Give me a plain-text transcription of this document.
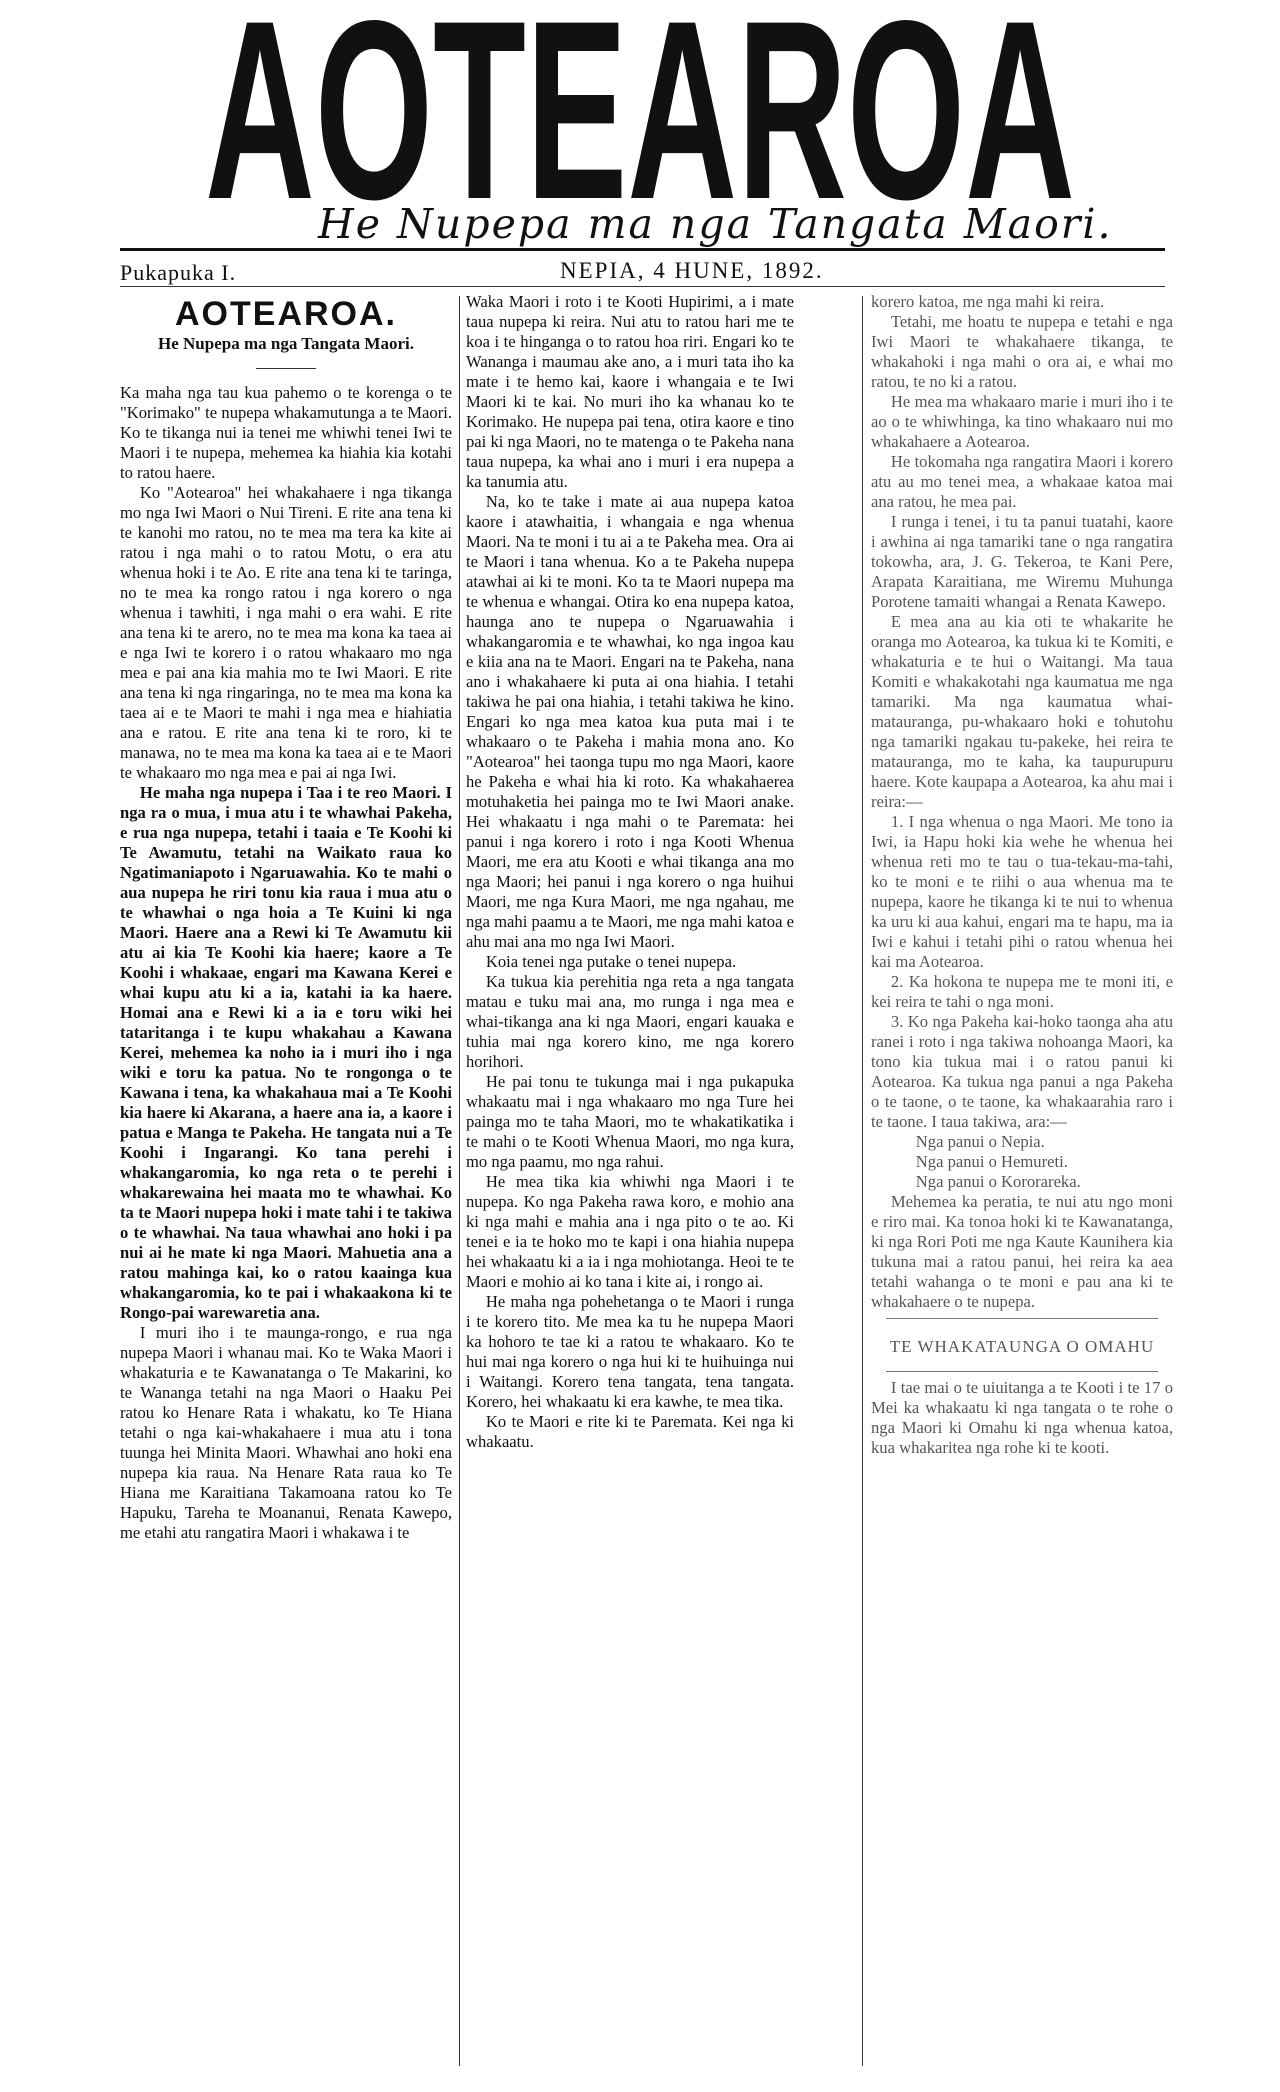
AOTEAROA
He Nupepa ma nga Tangata Maori.
Pukapuka I.	NEPIA, 4 HUNE, 1892.
AOTEAROA.
He Nupepa ma nga Tangata Maori.

Ka maha nga tau kua pahemo o te korenga o te "Korimako" te nupepa whakamutunga a te Maori. Ko te tikanga nui ia tenei me whiwhi tenei Iwi te Maori i te nupepa, mehemea ka hiahia kia kotahi to ratou haere.

Ko "Aotearoa" hei whakahaere i nga tikanga mo nga Iwi Maori o Nui Tireni. E rite ana tena ki te kanohi mo ratou, no te mea ma tera ka kite ai ratou i nga mahi o to ratou Motu, o era atu whenua hoki i te Ao. E rite ana tena ki te taringa, no te mea ka rongo ratou i nga korero o nga whenua i tawhiti, i nga mahi o era wahi. E rite ana tena ki te arero, no te mea ma kona ka taea ai e nga Iwi te korero i o ratou whakaaro mo nga mea e pai ana kia mahia mo te Iwi Maori. E rite ana tena ki nga ringaringa, no te mea ma kona ka taea ai e te Maori te mahi i nga mea e hiahiatia ana e ratou. E rite ana tena ki te roro, ki te manawa, no te mea ma kona ka taea ai e te Maori te whakaaro mo nga mea e pai ai nga Iwi.

He maha nga nupepa i Taa i te reo Maori. I nga ra o mua, i mua atu i te whawhai Pakeha, e rua nga nupepa, tetahi i taaia e Te Koohi ki Te Awamutu, tetahi na Waikato raua ko Ngatimaniapoto i Ngaruawahia. Ko te mahi o aua nupepa he riri tonu kia raua i mua atu o te whawhai o nga hoia a Te Kuini ki nga Maori. Haere ana a Rewi ki Te Awamutu kii atu ai kia Te Koohi kia haere; kaore a Te Koohi i whakaae, engari ma Kawana Kerei e whai kupu atu ki a ia, katahi ia ka haere. Homai ana e Rewi ki a ia e toru wiki hei tataritanga i te kupu whakahau a Kawana Kerei, mehemea ka noho ia i muri iho i nga wiki e toru ka patua. No te rongonga o te Kawana i tena, ka whakahaua mai a Te Koohi kia haere ki Akarana, a haere ana ia, a kaore i patua e Manga te Pakeha. He tangata nui a Te Koohi i Ingarangi. Ko tana perehi i whakangaromia, ko nga reta o te perehi i whakarewaina hei maata mo te whawhai. Ko ta te Maori nupepa hoki i mate tahi i te takiwa o te whawhai. Na taua whawhai ano hoki i pa nui ai he mate ki nga Maori. Mahuetia ana a ratou mahinga kai, ko o ratou kaainga kua whakangaromia, ko te pai i whakaakona ki te Rongo-pai warewaretia ana.

I muri iho i te maunga-rongo, e rua nga nupepa Maori i whanau mai. Ko te Waka Maori i whakaturia e te Kawanatanga o Te Makarini, ko te Wananga tetahi na nga Maori o Haaku Pei ratou ko Henare Rata i whakatu, ko Te Hiana tetahi o nga kai-whakahaere i mua atu i tona tuunga hei Minita Maori. Whawhai ano hoki ena nupepa kia raua. Na Henare Rata raua ko Te Hiana me Karaitiana Takamoana ratou ko Te Hapuku, Tareha te Moananui, Renata Kawepo, me etahi atu rangatira Maori i whakawa i te

Waka Maori i roto i te Kooti Hupirimi, a i mate taua nupepa ki reira. Nui atu to ratou hari me te koa i te hinganga o to ratou hoa riri. Engari ko te Wananga i maumau ake ano, a i muri tata iho ka mate i te hemo kai, kaore i whangaia e te Iwi Maori ki te kai. No muri iho ka whanau ko te Korimako. He nupepa pai tena, otira kaore e tino pai ki nga Maori, no te matenga o te Pakeha nana taua nupepa, ka whai ano i muri i era nupepa a ka tanumia atu.

Na, ko te take i mate ai aua nupepa katoa kaore i atawhaitia, i whangaia e nga whenua Maori. Na te moni i tu ai a te Pakeha mea. Ora ai te Maori i tana whenua. Ko a te Pakeha nupepa atawhai ai ki te moni. Ko ta te Maori nupepa ma te whenua e whangai. Otira ko ena nupepa katoa, haunga ano te nupepa o Ngaruawahia i whakangaromia e te whawhai, ko nga ingoa kau e kiia ana na te Maori. Engari na te Pakeha, nana ano i whakahaere ki puta ai ona hiahia. I tetahi takiwa he pai ona hiahia, i tetahi takiwa he kino. Engari ko nga mea katoa kua puta mai i te whakaaro o te Pakeha i mahia mona ano. Ko "Aotearoa" hei taonga tupu mo nga Maori, kaore he Pakeha e whai hia ki roto. Ka whakahaerea motuhaketia hei painga mo te Iwi Maori anake. Hei whakaatu i nga mahi o te Paremata: hei panui i nga korero i roto i nga Kooti Whenua Maori, me era atu Kooti e whai tikanga ana mo nga Maori; hei panui i nga korero o nga huihui Maori, me nga Kura Maori, me nga ngahau, me nga mahi paamu a te Maori, me nga mahi katoa e ahu mai ana mo nga Iwi Maori.

Koia tenei nga putake o tenei nupepa.

Ka tukua kia perehitia nga reta a nga tangata matau e tuku mai ana, mo runga i nga mea e whai-tikanga ana ki nga Maori, engari kauaka e tuhia mai nga korero kino, me nga korero horihori.

He pai tonu te tukunga mai i nga pukapuka whakaatu mai i nga whakaaro mo nga Ture hei painga mo te taha Maori, mo te whakatikatika i te mahi o te Kooti Whenua Maori, mo nga kura, mo nga paamu, mo nga rahui.

He mea tika kia whiwhi nga Maori i te nupepa. Ko nga Pakeha rawa koro, e mohio ana ki nga mahi e mahia ana i nga pito o te ao. Ki tenei e ia te hoko mo te kapi i ona hiahia nupepa hei whakaatu ki a ia i nga mohiotanga. Heoi te te Maori e mohio ai ko tana i kite ai, i rongo ai.

He maha nga pohehetanga o te Maori i runga i te korero tito. Me mea ka tu he nupepa Maori ka hohoro te tae ki a ratou te whakaaro. Ko te hui mai nga korero o nga hui ki te huihuinga nui i Waitangi. Korero tena tangata, tena tangata. Korero, hei whakaatu ki era kawhe, te mea tika.

Ko te Maori e rite ki te Paremata. Kei nga ki whakaatu.

korero katoa, me nga mahi ki reira.

Tetahi, me hoatu te nupepa e tetahi e nga Iwi Maori te whakahaere tikanga, te whakahoki i nga mahi o ora ai, e whai mo ratou, te no ki a ratou.

He mea ma whakaaro marie i muri iho i te ao o te whiwhinga, ka tino whakaaro nui mo whakahaere a Aotearoa.

He tokomaha nga rangatira Maori i korero atu au mo tenei mea, a whakaae katoa mai ana ratou, he mea pai.

I runga i tenei, i tu ta panui tuatahi, kaore i awhina ai nga tamariki tane o nga rangatira tokowha, ara, J. G. Tekeroa, te Kani Pere, Arapata Karaitiana, me Wiremu Muhunga Porotene tamaiti whangai a Renata Kawepo.

E mea ana au kia oti te whakarite he oranga mo Aotearoa, ka tukua ki te Komiti, e whakaturia e te hui o Waitangi. Ma taua Komiti e whakakotahi nga kaumatua me nga tamariki. Ma nga kaumatua whai-matauranga, pu-whakaaro hoki e tohutohu nga tamariki ngakau tu-pakeke, hei reira te matauranga, mo te kaha, ka taupurupuru haere. Kote kaupapa a Aotearoa, ka ahu mai i reira:—

1. I nga whenua o nga Maori. Me tono ia Iwi, ia Hapu hoki kia wehe he whenua hei whenua reti mo te tau o tua-tekau-ma-tahi, ko te moni e te riihi o aua whenua ma te nupepa, kaore he tikanga ki te nui to whenua ka uru ki aua kahui, engari ma te hapu, ma ia Iwi e kahui i tetahi pihi o ratou whenua hei kai ma Aotearoa.

2. Ka hokona te nupepa me te moni iti, e kei reira te tahi o nga moni.

3. Ko nga Pakeha kai-hoko taonga aha atu ranei i roto i nga takiwa nohoanga Maori, ka tono kia tukua mai i o ratou panui ki Aotearoa. Ka tukua nga panui a nga Pakeha o te taone, o te taone, ka whakaarahia raro i te taone. I taua takiwa, ara:—

Nga panui o Nepia.

Nga panui o Hemureti.

Nga panui o Kororareka.

Mehemea ka peratia, te nui atu ngo moni e riro mai. Ka tonoa hoki ki te Kawanatanga, ki nga Rori Poti me nga Kaute Kaunihera kia tukuna mai a ratou panui, hei reira ka aea tetahi wahanga o te moni e pau ana ki te whakahaere o te nupepa.

TE WHAKATAUNGA O OMAHU

I tae mai o te uiuitanga a te Kooti i te 17 o Mei ka whakaatu ki nga tangata o te rohe o nga Maori ki Omahu ki nga whenua katoa, kua whakaritea nga rohe ki te kooti.
